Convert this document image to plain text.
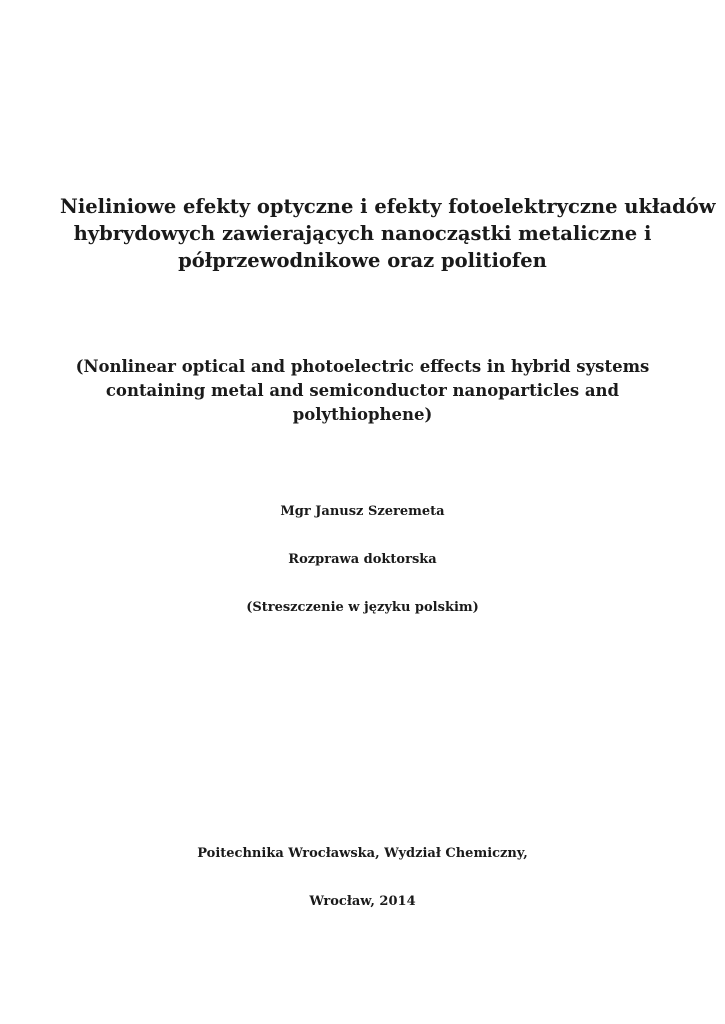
Nieliniowe efekty optyczne i efekty fotoelektryczne układów
hybrydowych zawierających nanocząstki metaliczne i
półprzewodnikowe oraz politiofen
(Nonlinear optical and photoelectric effects in hybrid systems
containing metal and semiconductor nanoparticles and
polythiophene)
Mgr Janusz Szeremeta
Rozprawa doktorska
(Streszczenie w języku polskim)
Poitechnika Wrocławska, Wydział Chemiczny,
Wrocław, 2014
